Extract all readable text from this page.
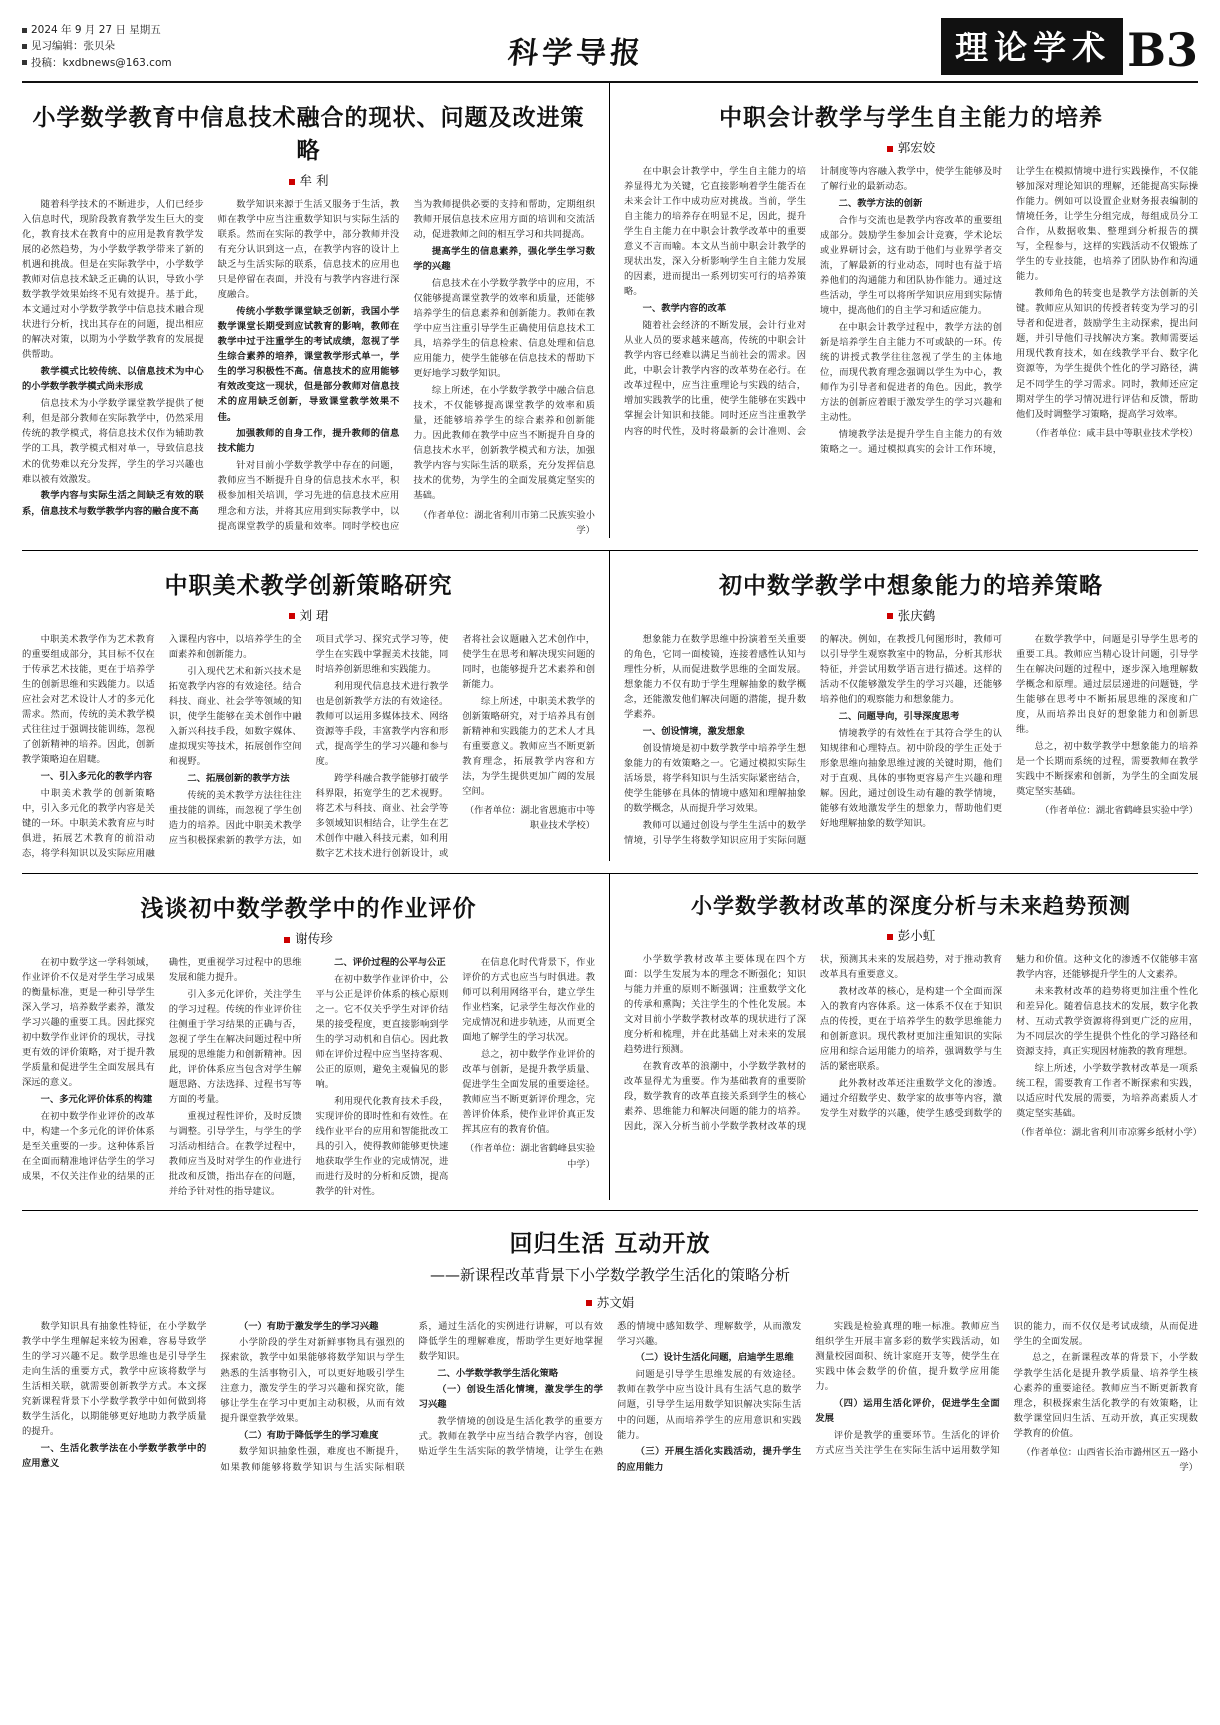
2024 年 9 月 27 日 星期五
见习编辑：张贝朵
投稿：kxdbnews@163.com	科学导报	理论学术 B3
小学数学教育中信息技术融合的现状、问题及改进策略
牟 利

随着科学技术的不断进步，人们已经步入信息时代，现阶段教育教学发生巨大的变化，教育技术在教育中的应用是教育教学发展的必然趋势，为小学数学教学带来了新的机遇和挑战。但是在实际教学中，小学数学教师对信息技术缺乏正确的认识，导致小学数学教学效果始终不见有效提升。基于此，本文通过对小学数学教学中信息技术融合现状进行分析，找出其存在的问题，提出相应的解决对策，以期为小学数学教育的发展提供帮助。

教学模式比较传统、以信息技术为中心的小学数学教学模式尚未形成

信息技术为小学数学课堂教学提供了便利，但是部分教师在实际教学中，仍然采用传统的教学模式，将信息技术仅作为辅助教学的工具，教学模式相对单一，导致信息技术的优势难以充分发挥，学生的学习兴趣也难以被有效激发。

教学内容与实际生活之间缺乏有效的联系，信息技术与数学教学内容的融合度不高

数学知识来源于生活又服务于生活，教师在教学中应当注重数学知识与实际生活的联系。然而在实际的教学中，部分教师并没有充分认识到这一点，在教学内容的设计上缺乏与生活实际的联系，信息技术的应用也只是停留在表面，并没有与教学内容进行深度融合。

传统小学数学课堂缺乏创新，我国小学数学课堂长期受到应试教育的影响，教师在教学中过于注重学生的考试成绩，忽视了学生综合素养的培养，课堂教学形式单一，学生的学习积极性不高。信息技术的应用能够有效改变这一现状，但是部分教师对信息技术的应用缺乏创新，导致课堂教学效果不佳。

加强教师的自身工作，提升教师的信息技术能力

针对目前小学数学教学中存在的问题，教师应当不断提升自身的信息技术水平，积极参加相关培训，学习先进的信息技术应用理念和方法，并将其应用到实际教学中，以提高课堂教学的质量和效率。同时学校也应当为教师提供必要的支持和帮助，定期组织教师开展信息技术应用方面的培训和交流活动，促进教师之间的相互学习和共同提高。

提高学生的信息素养，强化学生学习数学的兴趣

信息技术在小学数学教学中的应用，不仅能够提高课堂教学的效率和质量，还能够培养学生的信息素养和创新能力。教师在教学中应当注重引导学生正确使用信息技术工具，培养学生的信息检索、信息处理和信息应用能力，使学生能够在信息技术的帮助下更好地学习数学知识。

综上所述，在小学数学教学中融合信息技术，不仅能够提高课堂教学的效率和质量，还能够培养学生的综合素养和创新能力。因此教师在教学中应当不断提升自身的信息技术水平，创新教学模式和方法，加强教学内容与实际生活的联系，充分发挥信息技术的优势，为学生的全面发展奠定坚实的基础。

（作者单位：湖北省利川市第二民族实验小学）

中职会计教学与学生自主能力的培养
郭宏姣

在中职会计教学中，学生自主能力的培养显得尤为关键，它直接影响着学生能否在未来会计工作中成功应对挑战。当前，学生自主能力的培养存在明显不足，因此，提升学生自主能力在中职会计教学改革中的重要意义不言而喻。本文从当前中职会计教学的现状出发，深入分析影响学生自主能力发展的因素，进而提出一系列切实可行的培养策略。

一、教学内容的改革

随着社会经济的不断发展，会计行业对从业人员的要求越来越高，传统的中职会计教学内容已经难以满足当前社会的需求。因此，中职会计教学内容的改革势在必行。在改革过程中，应当注重理论与实践的结合，增加实践教学的比重，使学生能够在实践中掌握会计知识和技能。同时还应当注重教学内容的时代性，及时将最新的会计准则、会计制度等内容融入教学中，使学生能够及时了解行业的最新动态。

二、教学方法的创新

合作与交流也是教学内容改革的重要组成部分。鼓励学生参加会计竞赛，学术论坛或业界研讨会，这有助于他们与业界学者交流，了解最新的行业动态，同时也有益于培养他们的沟通能力和团队协作能力。通过这些活动，学生可以将所学知识应用到实际情境中，提高他们的自主学习和适应能力。

在中职会计教学过程中，教学方法的创新是培养学生自主能力不可或缺的一环。传统的讲授式教学往往忽视了学生的主体地位，而现代教育理念强调以学生为中心，教师作为引导者和促进者的角色。因此，教学方法的创新应着眼于激发学生的学习兴趣和主动性。

情境教学法是提升学生自主能力的有效策略之一。通过模拟真实的会计工作环境，让学生在模拟情境中进行实践操作，不仅能够加深对理论知识的理解，还能提高实际操作能力。例如可以设置企业财务报表编制的情境任务，让学生分组完成，每组成员分工合作，从数据收集、整理到分析报告的撰写，全程参与，这样的实践活动不仅锻炼了学生的专业技能，也培养了团队协作和沟通能力。

教师角色的转变也是教学方法创新的关键。教师应从知识的传授者转变为学习的引导者和促进者，鼓励学生主动探索，提出问题，并引导他们寻找解决方案。教师需要运用现代教育技术，如在线教学平台、数字化资源等，为学生提供个性化的学习路径，满足不同学生的学习需求。同时，教师还应定期对学生的学习情况进行评估和反馈，帮助他们及时调整学习策略，提高学习效率。

（作者单位：咸丰县中等职业技术学校）

中职美术教学创新策略研究
刘 珺

中职美术教学作为艺术教育的重要组成部分，其目标不仅在于传承艺术技能，更在于培养学生的创新思维和实践能力。以适应社会对艺术设计人才的多元化需求。然而，传统的美术教学模式往往过于强调技能训练，忽视了创新精神的培养。因此，创新教学策略迫在眉睫。

一、引入多元化的教学内容

中职美术教学的创新策略中，引入多元化的教学内容是关键的一环。中职美术教育应与时俱进，拓展艺术教育的前沿动态，将学科知识以及实际应用融入课程内容中，以培养学生的全面素养和创新能力。

引入现代艺术和新兴技术是拓宽教学内容的有效途径。结合科技、商业、社会学等领域的知识，使学生能够在美术创作中融入新兴科技手段，如数字媒体、虚拟现实等技术，拓展创作空间和视野。

二、拓展创新的教学方法

传统的美术教学方法往往注重技能的训练，而忽视了学生创造力的培养。因此中职美术教学应当积极探索新的教学方法，如项目式学习、探究式学习等，使学生在实践中掌握美术技能，同时培养创新思维和实践能力。

利用现代信息技术进行教学也是创新教学方法的有效途径。教师可以运用多媒体技术、网络资源等手段，丰富教学内容和形式，提高学生的学习兴趣和参与度。

跨学科融合教学能够打破学科界限，拓宽学生的艺术视野。将艺术与科技、商业、社会学等多领域知识相结合，让学生在艺术创作中融入科技元素，如利用数字艺术技术进行创新设计，或者将社会议题融入艺术创作中，使学生在思考和解决现实问题的同时，也能够提升艺术素养和创新能力。

综上所述，中职美术教学的创新策略研究，对于培养具有创新精神和实践能力的艺术人才具有重要意义。教师应当不断更新教育理念，拓展教学内容和方法，为学生提供更加广阔的发展空间。

（作者单位：湖北省恩施市中等职业技术学校）

初中数学教学中想象能力的培养策略
张庆鹤

想象能力在数学思维中扮演着至关重要的角色，它同一面棱镜，连接着感性认知与理性分析，从而促进数学思维的全面发展。想象能力不仅有助于学生理解抽象的数学概念，还能激发他们解决问题的潜能，提升数学素养。

一、创设情境，激发想象

创设情境是初中数学教学中培养学生想象能力的有效策略之一。它通过模拟实际生活场景，将学科知识与生活实际紧密结合，使学生能够在具体的情境中感知和理解抽象的数学概念，从而提升学习效果。

教师可以通过创设与学生生活中的数学情境，引导学生将数学知识应用于实际问题的解决。例如，在教授几何图形时，教师可以引导学生观察教室中的物品，分析其形状特征，并尝试用数学语言进行描述。这样的活动不仅能够激发学生的学习兴趣，还能够培养他们的观察能力和想象能力。

二、问题导向，引导深度思考

情境教学的有效性在于其符合学生的认知规律和心理特点。初中阶段的学生正处于形象思维向抽象思维过渡的关键时期，他们对于直观、具体的事物更容易产生兴趣和理解。因此，通过创设生动有趣的教学情境，能够有效地激发学生的想象力，帮助他们更好地理解抽象的数学知识。

在数学教学中，问题是引导学生思考的重要工具。教师应当精心设计问题，引导学生在解决问题的过程中，逐步深入地理解数学概念和原理。通过层层递进的问题链，学生能够在思考中不断拓展思维的深度和广度，从而培养出良好的想象能力和创新思维。

总之，初中数学教学中想象能力的培养是一个长期而系统的过程，需要教师在教学实践中不断探索和创新，为学生的全面发展奠定坚实基础。

（作者单位：湖北省鹤峰县实验中学）

浅谈初中数学教学中的作业评价
谢传珍

在初中数学这一学科领域，作业评价不仅是对学生学习成果的衡量标准，更是一种引导学生深入学习，培养数学素养，激发学习兴趣的重要工具。因此探究初中数学作业评价的现状，寻找更有效的评价策略，对于提升教学质量和促进学生全面发展具有深远的意义。

一、多元化评价体系的构建

在初中数学作业评价的改革中，构建一个多元化的评价体系是至关重要的一步。这种体系旨在全面而精准地评估学生的学习成果，不仅关注作业的结果的正确性，更重视学习过程中的思维发展和能力提升。

引入多元化评价，关注学生的学习过程。传统的作业评价往往侧重于学习结果的正确与否，忽视了学生在解决问题过程中所展现的思维能力和创新精神。因此，评价体系应当包含对学生解题思路、方法选择、过程书写等方面的考量。

重视过程性评价，及时反馈与调整。引导学生，与学生的学习活动相结合。在教学过程中，教师应当及时对学生的作业进行批改和反馈，指出存在的问题，并给予针对性的指导建议。

二、评价过程的公平与公正

在初中数学作业评价中，公平与公正是评价体系的核心原则之一。它不仅关乎学生对评价结果的接受程度，更直接影响到学生的学习动机和自信心。因此教师在评价过程中应当坚持客观、公正的原则，避免主观偏见的影响。

利用现代化教育技术手段，实现评价的即时性和有效性。在线作业平台的应用和智能批改工具的引入，使得教师能够更快速地获取学生作业的完成情况，进而进行及时的分析和反馈，提高教学的针对性。

在信息化时代背景下，作业评价的方式也应当与时俱进。教师可以利用网络平台，建立学生作业档案，记录学生每次作业的完成情况和进步轨迹，从而更全面地了解学生的学习状况。

总之，初中数学作业评价的改革与创新，是提升教学质量、促进学生全面发展的重要途径。教师应当不断更新评价理念，完善评价体系，使作业评价真正发挥其应有的教育价值。

（作者单位：湖北省鹤峰县实验中学）

小学数学教材改革的深度分析与未来趋势预测
彭小虹

小学数学教材改革主要体现在四个方面：以学生发展为本的理念不断强化；知识与能力并重的原则不断强调；注重数学文化的传承和熏陶；关注学生的个性化发展。本文对目前小学数学教材改革的现状进行了深度分析和梳理，并在此基础上对未来的发展趋势进行预测。

在教育改革的浪潮中，小学数学教材的改革显得尤为重要。作为基础教育的重要阶段，数学教育的改革直接关系到学生的核心素养、思维能力和解决问题的能力的培养。因此，深入分析当前小学数学教材改革的现状，预测其未来的发展趋势，对于推动教育改革具有重要意义。

教材改革的核心，是构建一个全面而深入的教育内容体系。这一体系不仅在于知识点的传授，更在于培养学生的数学思维能力和创新意识。现代教材更加注重知识的实际应用和综合运用能力的培养，强调数学与生活的紧密联系。

此外教材改革还注重数学文化的渗透。通过介绍数学史、数学家的故事等内容，激发学生对数学的兴趣，使学生感受到数学的魅力和价值。这种文化的渗透不仅能够丰富教学内容，还能够提升学生的人文素养。

未来教材改革的趋势将更加注重个性化和差异化。随着信息技术的发展，数字化教材、互动式教学资源将得到更广泛的应用，为不同层次的学生提供个性化的学习路径和资源支持，真正实现因材施教的教育理想。

综上所述，小学数学教材改革是一项系统工程，需要教育工作者不断探索和实践，以适应时代发展的需要，为培养高素质人才奠定坚实基础。

（作者单位：湖北省利川市凉雾乡纸材小学）

回归生活 互动开放
——新课程改革背景下小学数学教学生活化的策略分析
苏文娟

数学知识具有抽象性特征，在小学数学教学中学生理解起来较为困难，容易导致学生的学习兴趣不足。数学思维也是引导学生走向生活的重要方式，教学中应该将数学与生活相关联，就需要创新教学方式。本文探究新课程背景下小学数学教学中如何做到将数学生活化，以期能够更好地助力教学质量的提升。

一、生活化教学法在小学数学教学中的应用意义

（一）有助于激发学生的学习兴趣

小学阶段的学生对新鲜事物具有强烈的探索欲，教学中如果能够将数学知识与学生熟悉的生活事物引入，可以更好地吸引学生注意力，激发学生的学习兴趣和探究欲，能够让学生在学习中更加主动积极，从而有效提升课堂教学效果。

（二）有助于降低学生的学习难度

数学知识抽象性强，难度也不断提升，如果教师能够将数学知识与生活实际相联系，通过生活化的实例进行讲解，可以有效降低学生的理解难度，帮助学生更好地掌握数学知识。

二、小学数学教学生活化策略

（一）创设生活化情境，激发学生的学习兴趣

教学情境的创设是生活化教学的重要方式。教师在教学中应当结合教学内容，创设贴近学生生活实际的教学情境，让学生在熟悉的情境中感知数学、理解数学，从而激发学习兴趣。

（二）设计生活化问题，启迪学生思维

问题是引导学生思维发展的有效途径。教师在教学中应当设计具有生活气息的数学问题，引导学生运用数学知识解决实际生活中的问题，从而培养学生的应用意识和实践能力。

（三）开展生活化实践活动，提升学生的应用能力

实践是检验真理的唯一标准。教师应当组织学生开展丰富多彩的数学实践活动，如测量校园面积、统计家庭开支等，使学生在实践中体会数学的价值，提升数学应用能力。

（四）运用生活化评价，促进学生全面发展

评价是教学的重要环节。生活化的评价方式应当关注学生在实际生活中运用数学知识的能力，而不仅仅是考试成绩，从而促进学生的全面发展。

总之，在新课程改革的背景下，小学数学教学生活化是提升教学质量、培养学生核心素养的重要途径。教师应当不断更新教育理念，积极探索生活化教学的有效策略，让数学课堂回归生活、互动开放，真正实现数学教育的价值。

（作者单位：山西省长治市潞州区五一路小学）
